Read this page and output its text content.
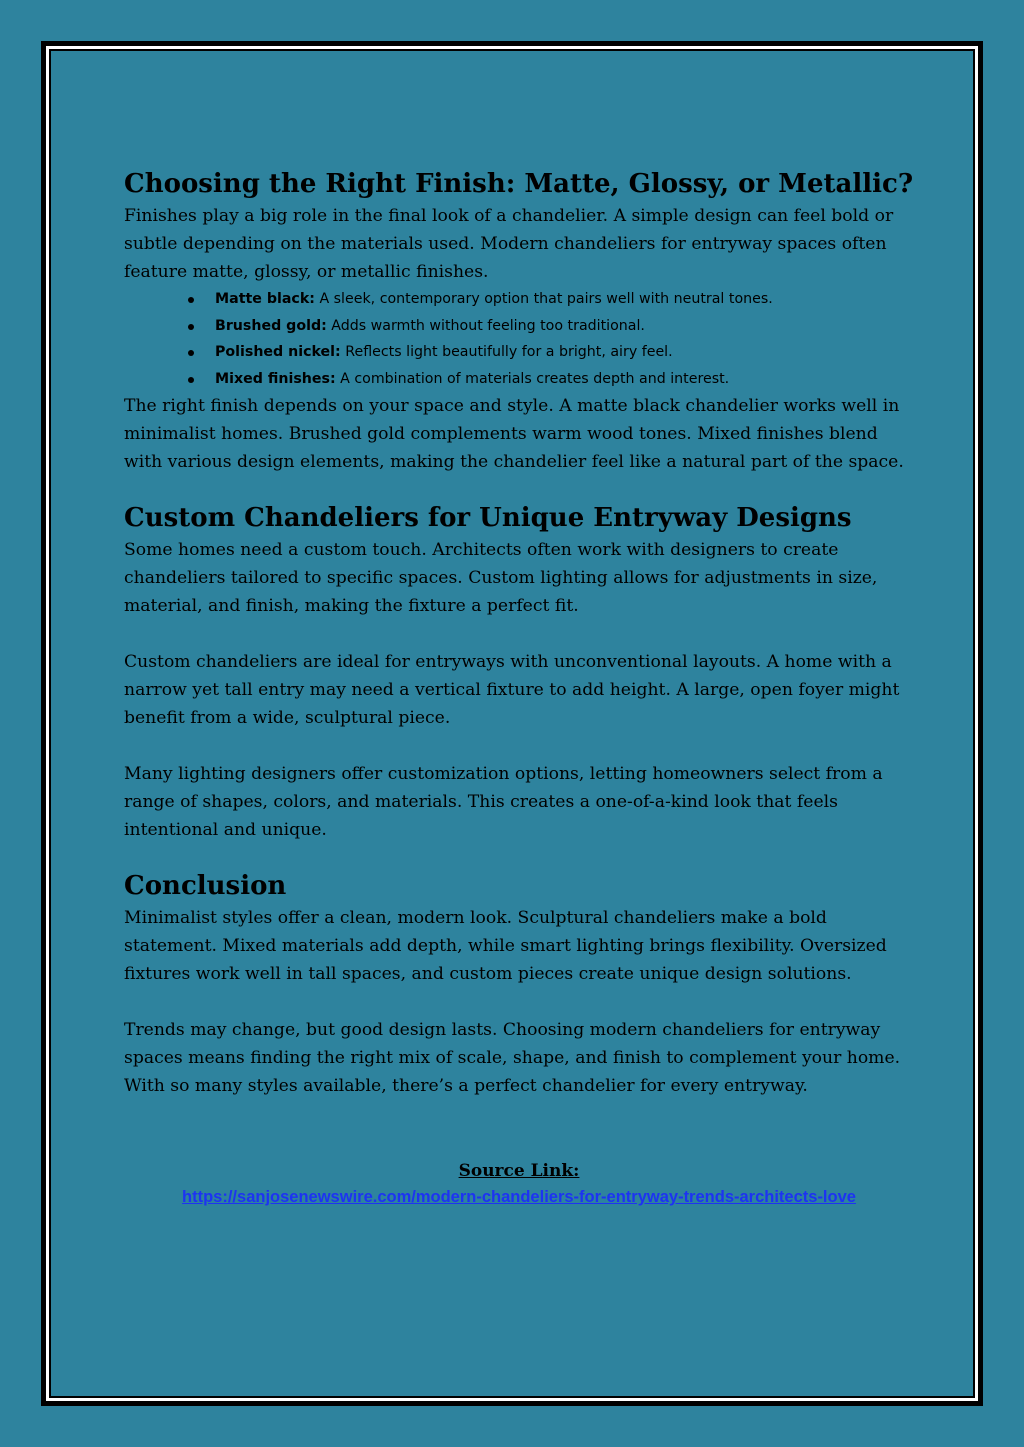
Choosing the Right Finish: Matte, Glossy, or Metallic?

Finishes play a big role in the final look of a chandelier. A simple design can feel bold or subtle depending on the materials used. Modern chandeliers for entryway spaces often feature matte, glossy, or metallic finishes.

Matte black: A sleek, contemporary option that pairs well with neutral tones.
Brushed gold: Adds warmth without feeling too traditional.
Polished nickel: Reflects light beautifully for a bright, airy feel.
Mixed finishes: A combination of materials creates depth and interest.

The right finish depends on your space and style. A matte black chandelier works well in minimalist homes. Brushed gold complements warm wood tones. Mixed finishes blend with various design elements, making the chandelier feel like a natural part of the space.

Custom Chandeliers for Unique Entryway Designs

Some homes need a custom touch. Architects often work with designers to create chandeliers tailored to specific spaces. Custom lighting allows for adjustments in size, material, and finish, making the fixture a perfect fit.

Custom chandeliers are ideal for entryways with unconventional layouts. A home with a narrow yet tall entry may need a vertical fixture to add height. A large, open foyer might benefit from a wide, sculptural piece.

Many lighting designers offer customization options, letting homeowners select from a range of shapes, colors, and materials. This creates a one-of-a-kind look that feels intentional and unique.

Conclusion

Minimalist styles offer a clean, modern look. Sculptural chandeliers make a bold statement. Mixed materials add depth, while smart lighting brings flexibility. Oversized fixtures work well in tall spaces, and custom pieces create unique design solutions.

Trends may change, but good design lasts. Choosing modern chandeliers for entryway spaces means finding the right mix of scale, shape, and finish to complement your home. With so many styles available, there’s a perfect chandelier for every entryway.

Source Link:
https://sanjosenewswire.com/modern-chandeliers-for-entryway-trends-architects-love
